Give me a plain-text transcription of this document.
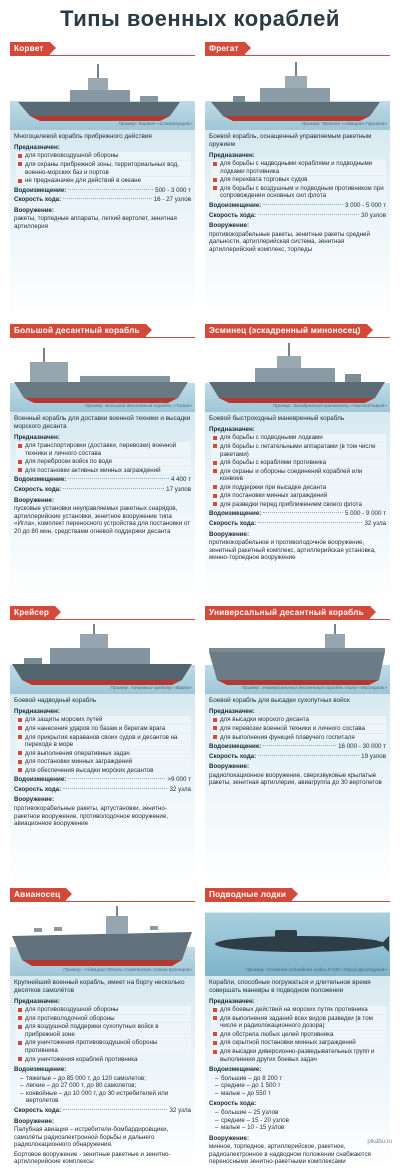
Типы военных кораблей
Корвет
Пример: Корвет «Стерегущий»
Многоцелевой корабль прибрежного действия
Предназначен:
для противовоздушной обороны
для охраны прибрежной зоны, территориальных вод, военно-морских баз и портов
не предназначен для действий в океане
Водоизмещение:	500 - 3 000 т
Скорость хода:	16 - 27 узлов
Вооружение:
ракеты, торпедные аппараты, легкий вертолет, зенитная артиллерия
Фрегат
Пример: Фрегат «Адмирал Горшков»
Боевой корабль, оснащенный управляемым ракетным оружием
Предназначен:
для борьбы с надводными кораблями и подводными лодками противника
для перехвата торговых судов
для борьбы с воздушным и подводным противником при сопровождении основных сил флота
Водоизмещение:	3 000 - 5 000 т
Скорость хода:	30 узлов
Вооружение:
противокорабельные ракеты, зенитные ракеты средней дальности, артиллерийская система, зенитная артиллерийский комплекс, торпеды
Большой десантный корабль
Пример: Большой десантный корабль «Талин»
Военный корабль для доставки военной техники и высадки морского десанта
Предназначен:
для транспортировки (доставки, перевозки) военной техники и личного состава
для переброски войск по воде
для постановки активных минных заграждений
Водоизмещение:	4 400 т
Скорость хода:	17 узлов
Вооружение:
пусковые установки неуправляемых ракетных снарядов, артиллерийские установки, зенитное вооружение типа «Игла», комплект переносного устройства для постановки от 20 до 80 мин, средствами огневой поддержки десанта
Эсминец (эскадренный миноносец)
Пример: Эскадренный миноносец «Настойчивый»
Боевой быстроходный маневренный корабль
Предназначен:
для борьбы с подводными лодками
для борьбы с летательными аппаратами (в том числе ракетами)
для борьбы с кораблями противника
для охраны и обороны соединений кораблей или конвоев
для поддержки при высадке десанта
для постановки минных заграждений
для разведки перед приближением своего флота
Водоизмещение:	5 000 - 9 000 т
Скорость хода:	32 узла
Вооружение:
противокорабельное и противолодочное вооружение, зенитный ракетный комплекс, артиллерийская установка, минно-торпедное вооружение
Крейсер
Пример: Атомный крейсер «Варяг»
Боевой надводный корабль
Предназначен:
для защиты морских путей
для нанесения ударов по базам и берегам врага
для прикрытия караванов своих судов и десантов на переходе в море
для выполнения оперативных задач
для постановки минных заграждений
для обеспечения высадки морских десантов
Водоизмещение:	>9 000 т
Скорость хода:	32 узла
Вооружение:
противокорабельные ракеты, артустановки, зенитно-ракетное вооружение, противолодочное вооружение, авиационное вооружение
Универсальный десантный корабль
Пример: Универсальный десантный корабль типа «Мистраль»
Боевой корабль для высадки сухопутных войск
Предназначен:
для высадки морского десанта
для перевозки военной техники и личного состава
для выполнения функций плавучего госпиталя
Водоизмещение:	16 000 - 30 000 т
Скорость хода:	19 узлов
Вооружение:
радиолокационное вооружение, сверхзвуковые крылатые ракеты, зенитная артиллерия, авиагруппа до 30 вертолетов
Авианосец
Пример: «Адмирал Флота Советского Союза Кузнецов»
Крупнейший военный корабль, имеет на борту несколько десятков самолётов
Предназначен:
для противовоздушной обороны
для противолодочной обороны
для воздушной поддержки сухопутных войск в прибрежной зоне
для уничтожения противовоздушной обороны противника
для уничтожения кораблей противника
Водоизмещение:
– тяжелые – до 85 000 т, до 120 самолетов;
– легкие – до 27 000 т, до 80 самолетов;
– конвойные – до 10 000 т, до 30 истребителей или вертолетов
Скорость хода:	32 узла
Вооружение:
Палубная авиация – истребители-бомбардировщики, самолёты радиоэлектронной борьбы и дальнего радиолокационного обнаружения.
Бортовое вооружение - зенитные ракетные и зенитно-артиллерийские комплексы
Подводные лодки
Пример: Атомная подводная лодка К-535 «Юрий Долгорукий»
Корабли, способные погружаться и длительное время совершать маневры в подводном положении
Предназначен:
для боевых действий на морских путях противника
для выполнения заданий всех видов разведки (в том числе и радиолокационного дозора)
для обстрела любых целей противника
для скрытной постановки минных заграждений
для высадки диверсионно-разведывательных групп и выполнения других боевых задач
Водоизмещение:
– большие – до 8 200 т
– средние – до 1 500 т
– малые – до 550 т
Скорость хода:
– большие – 25 узлов
– средние – 15 - 20 узлов
– малые – 10 - 15 узлов
Вооружение:
минное, торпедное, артиллерийское, ракетное, радиоэлектронное в надводном положении снабжаются переносными зенитно-ракетными комплексами
pikabu.ru
